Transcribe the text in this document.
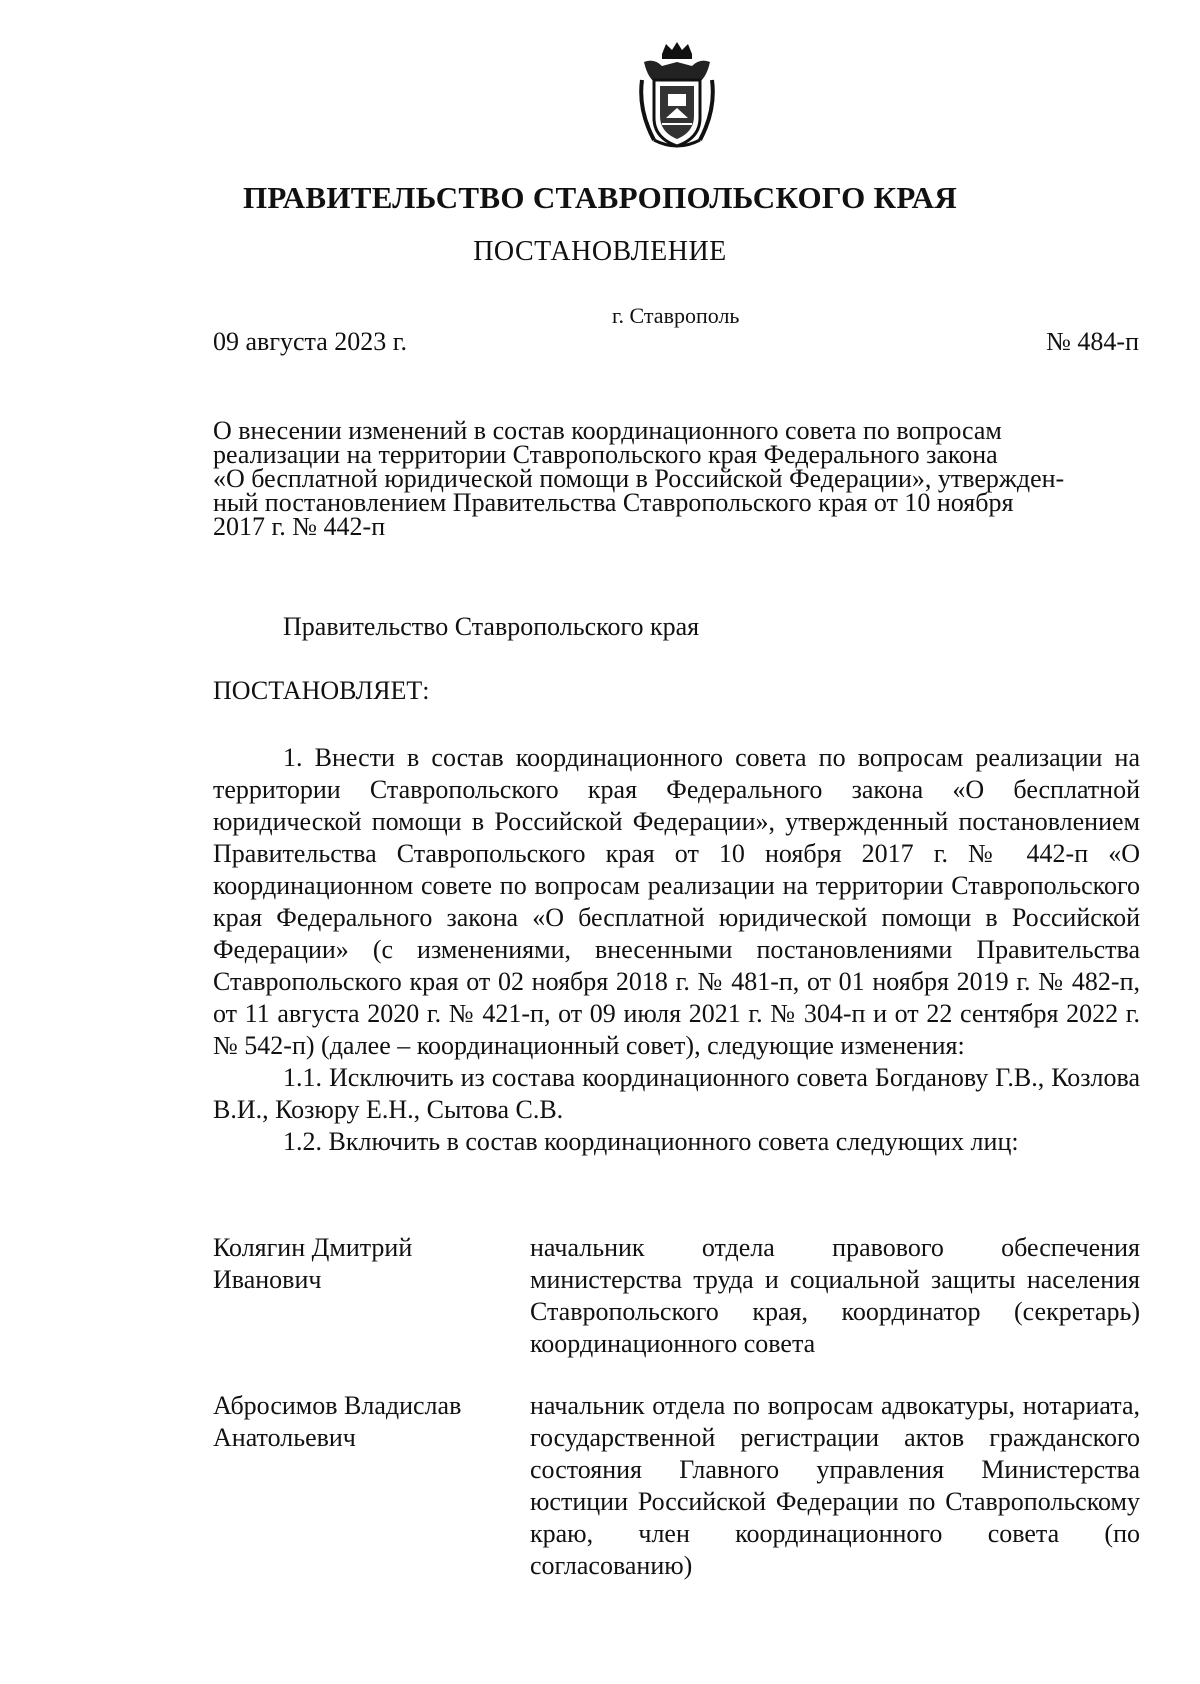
ПРАВИТЕЛЬСТВО СТАВРОПОЛЬСКОГО КРАЯ
ПОСТАНОВЛЕНИЕ
г. Ставрополь
09 августа 2023 г.	№ 484-п
О внесении изменений в состав координационного совета по вопросам
реализации на территории Ставропольского края Федерального закона
«О бесплатной юридической помощи в Российской Федерации», утвержден-
ный постановлением Правительства Ставропольского края от 10 ноября
2017 г. № 442-п
Правительство Ставропольского края
ПОСТАНОВЛЯЕТ:

1. Внести в состав координационного совета по вопросам реализации на территории Ставропольского края Федерального закона «О бесплатной юридической помощи в Российской Федерации», утвержденный постановлением Правительства Ставропольского края от 10 ноября 2017 г. № 442-п «О координационном совете по вопросам реализации на территории Ставропольского края Федерального закона «О бесплатной юридической помощи в Российской Федерации» (с изменениями, внесенными постановлениями Правительства Ставропольского края от 02 ноября 2018 г. № 481-п, от 01 ноября 2019 г. № 482-п, от 11 августа 2020 г. № 421-п, от 09 июля 2021 г. № 304-п и от 22 сентября 2022 г. № 542-п) (далее – координационный совет), следующие изменения:

1.1. Исключить из состава координационного совета Богданову Г.В., Козлова В.И., Козюру Е.Н., Сытова С.В.

1.2. Включить в состав координационного совета следующих лиц:

Колягин Дмитрий
Иванович
начальник отдела правового обеспечения министерства труда и социальной защиты населения Ставропольского края, координатор (секретарь) координационного совета
Абросимов Владислав
Анатольевич
начальник отдела по вопросам адвокатуры, нотариата, государственной регистрации актов гражданского состояния Главного управления Министерства юстиции Российской Федерации по Ставропольскому краю, член координационного совета (по согласованию)
